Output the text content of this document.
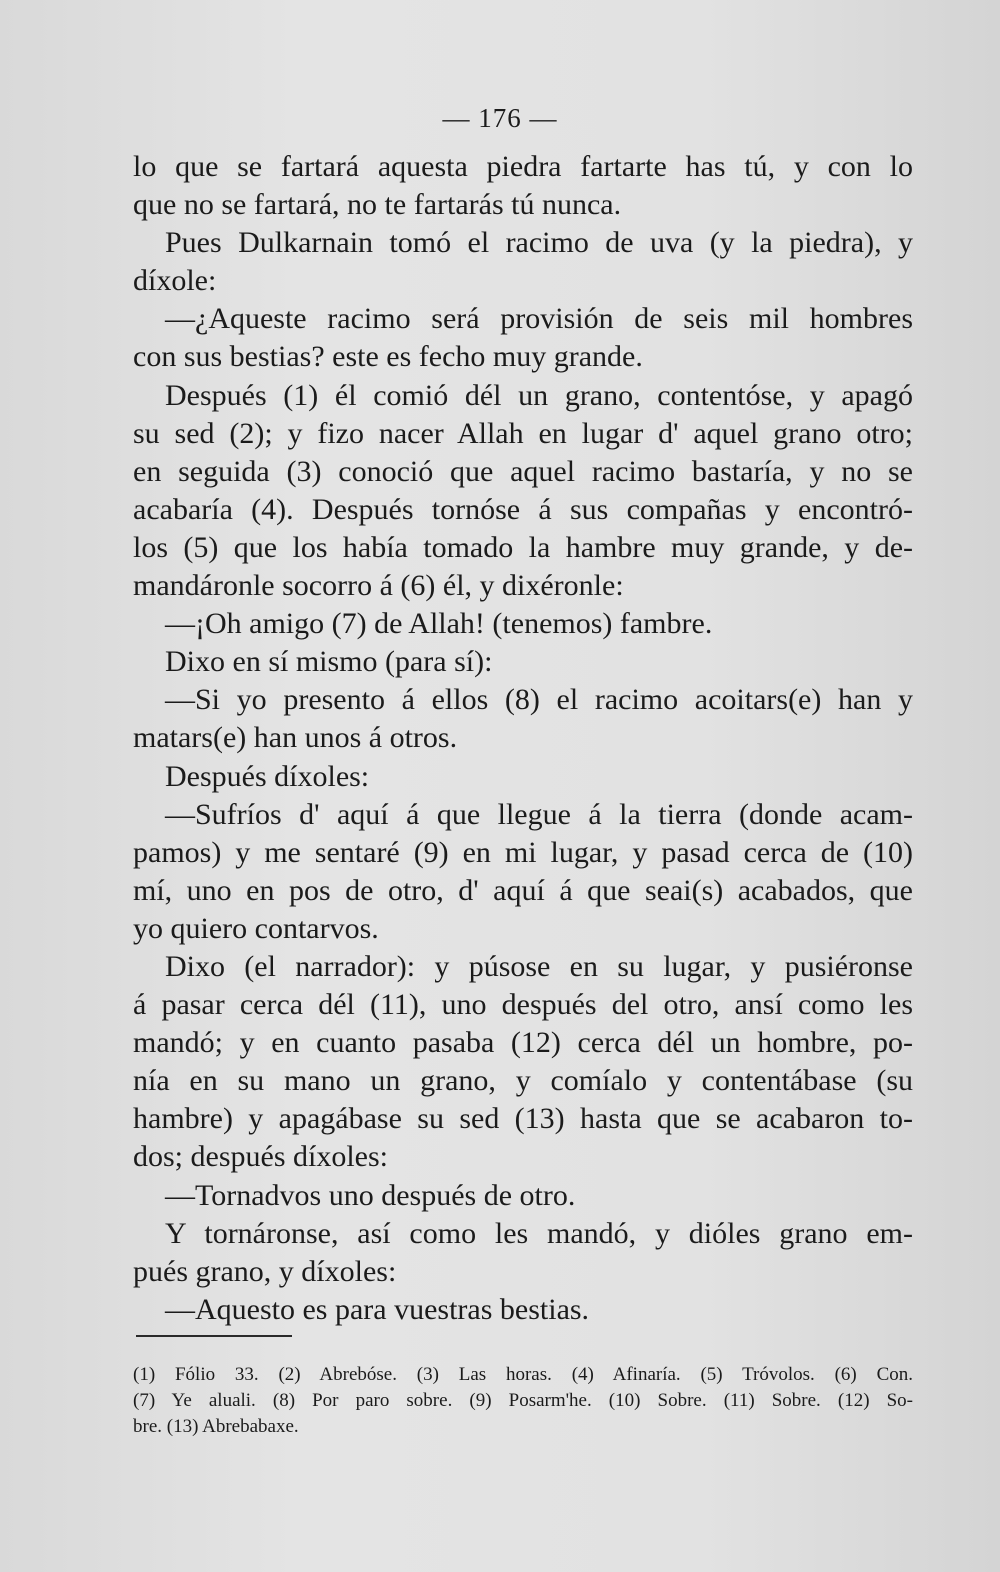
— 176 —
lo que se fartará aquesta piedra fartarte has tú, y con lo
que no se fartará, no te fartarás tú nunca.
Pues Dulkarnain tomó el racimo de uva (y la piedra), y
díxole:
—¿Aqueste racimo será provisión de seis mil hombres
con sus bestias? este es fecho muy grande.
Después (1) él comió dél un grano, contentóse, y apagó
su sed (2); y fizo nacer Allah en lugar d' aquel grano otro;
en seguida (3) conoció que aquel racimo bastaría, y no se
acabaría (4). Después tornóse á sus compañas y encontró-
los (5) que los había tomado la hambre muy grande, y de-
mandáronle socorro á (6) él, y dixéronle:
—¡Oh amigo (7) de Allah! (tenemos) fambre.
Dixo en sí mismo (para sí):
—Si yo presento á ellos (8) el racimo acoitars(e) han y
matars(e) han unos á otros.
Después díxoles:
—Sufríos d' aquí á que llegue á la tierra (donde acam-
pamos) y me sentaré (9) en mi lugar, y pasad cerca de (10)
mí, uno en pos de otro, d' aquí á que seai(s) acabados, que
yo quiero contarvos.
Dixo (el narrador): y púsose en su lugar, y pusiéronse
á pasar cerca dél (11), uno después del otro, ansí como les
mandó; y en cuanto pasaba (12) cerca dél un hombre, po-
nía en su mano un grano, y comíalo y contentábase (su
hambre) y apagábase su sed (13) hasta que se acabaron to-
dos; después díxoles:
—Tornadvos uno después de otro.
Y tornáronse, así como les mandó, y dióles grano em-
pués grano, y díxoles:
—Aquesto es para vuestras bestias.
(1) Fólio 33. (2) Abrebóse. (3) Las horas. (4) Afinaría. (5) Tróvolos. (6) Con.
(7) Ye aluali. (8) Por paro sobre. (9) Posarm'he. (10) Sobre. (11) Sobre. (12) So-
bre. (13) Abrebabaxe.
